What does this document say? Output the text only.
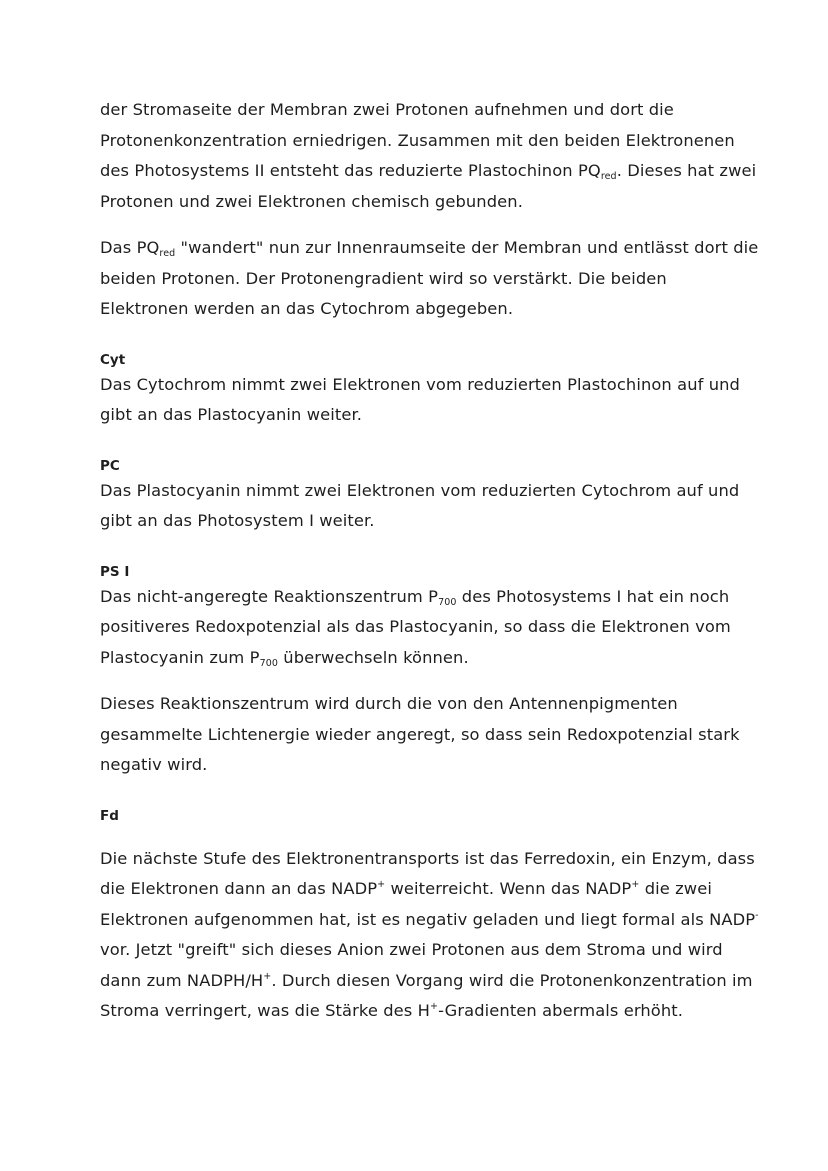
der Stromaseite der Membran zwei Protonen aufnehmen und dort die Protonenkonzentration erniedrigen. Zusammen mit den beiden Elektronenen des Photosystems II entsteht das reduzierte Plastochinon $PQ_{red}$. Dieses hat zwei Protonen und zwei Elektronen chemisch gebunden.

Das $PQ_{red}$ "wandert" nun zur Innenraumseite der Membran und entlässt dort die beiden Protonen. Der Protonengradient wird so verstärkt. Die beiden Elektronen werden an das Cytochrom abgegeben.

Cyt

Das Cytochrom nimmt zwei Elektronen vom reduzierten Plastochinon auf und gibt an das Plastocyanin weiter.

PC

Das Plastocyanin nimmt zwei Elektronen vom reduzierten Cytochrom auf und gibt an das Photosystem I weiter.

PS I

Das nicht-angeregte Reaktionszentrum $P_{700}$ des Photosystems I hat ein noch positiveres Redoxpotenzial als das Plastocyanin, so dass die Elektronen vom Plastocyanin zum $P_{700}$ überwechseln können.

Dieses Reaktionszentrum wird durch die von den Antennenpigmenten gesammelte Lichtenergie wieder angeregt, so dass sein Redoxpotenzial stark negativ wird.

Fd

Die nächste Stufe des Elektronentransports ist das Ferredoxin, ein Enzym, dass die Elektronen dann an das NADP+ weiterreicht. Wenn das NADP+ die zwei Elektronen aufgenommen hat, ist es negativ geladen und liegt formal als NADP- vor. Jetzt "greift" sich dieses Anion zwei Protonen aus dem Stroma und wird dann zum NADPH/H+. Durch diesen Vorgang wird die Protonenkonzentration im Stroma verringert, was die Stärke des H+-Gradienten abermals erhöht.
